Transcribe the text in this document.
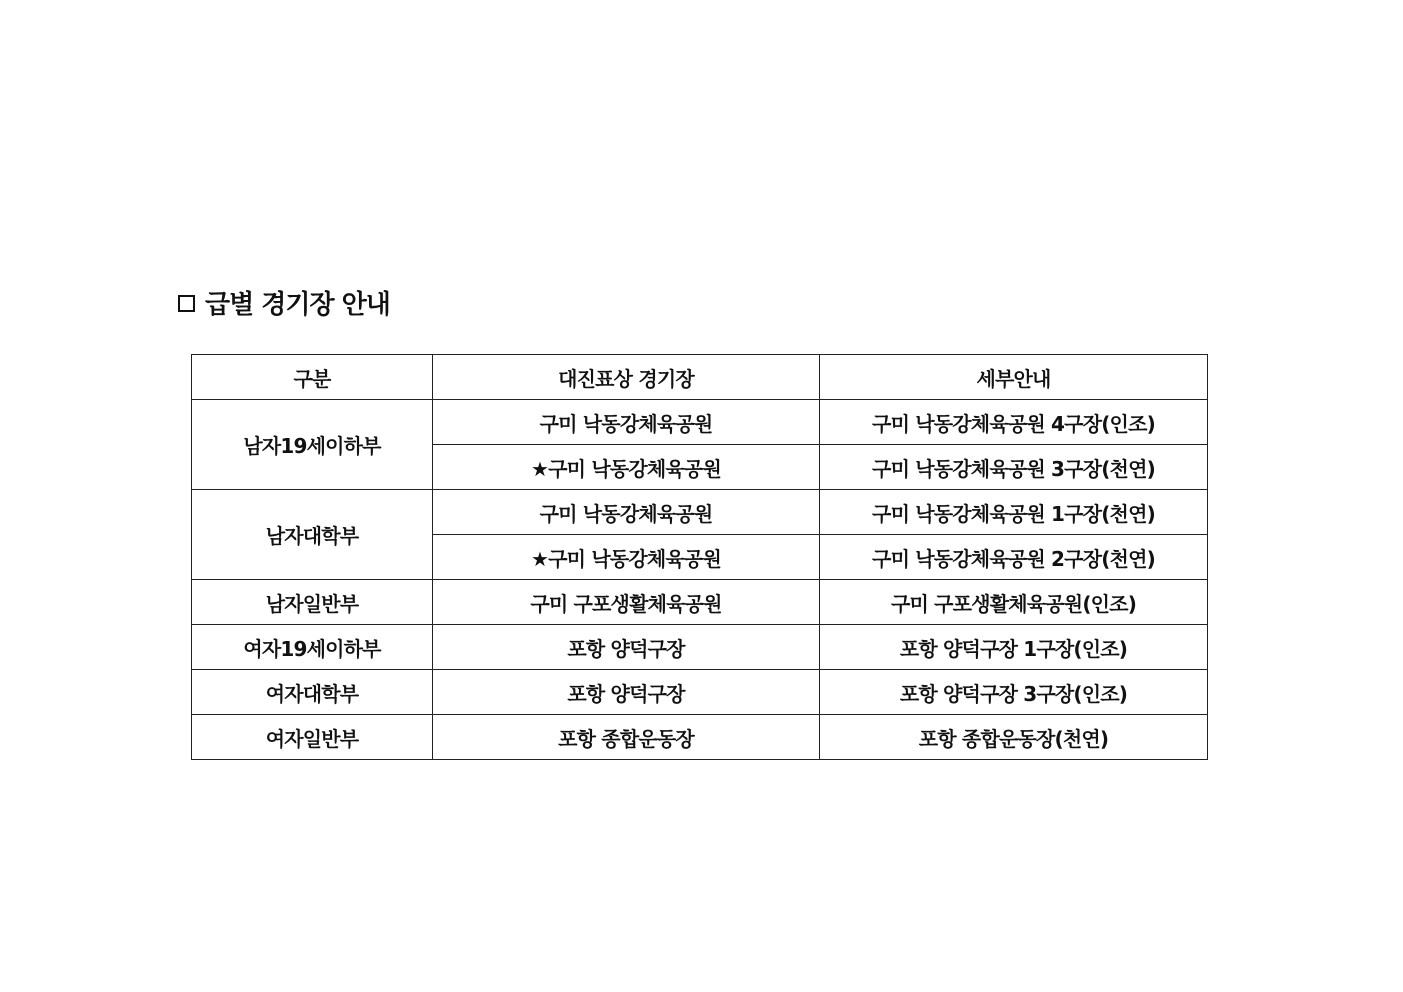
급별 경기장 안내
구분	대진표상 경기장	세부안내
남자19세이하부	구미 낙동강체육공원	구미 낙동강체육공원 4구장(인조)
	★구미 낙동강체육공원	구미 낙동강체육공원 3구장(천연)
남자대학부	구미 낙동강체육공원	구미 낙동강체육공원 1구장(천연)
	★구미 낙동강체육공원	구미 낙동강체육공원 2구장(천연)
남자일반부	구미 구포생활체육공원	구미 구포생활체육공원(인조)
여자19세이하부	포항 양덕구장	포항 양덕구장 1구장(인조)
여자대학부	포항 양덕구장	포항 양덕구장 3구장(인조)
여자일반부	포항 종합운동장	포항 종합운동장(천연)
